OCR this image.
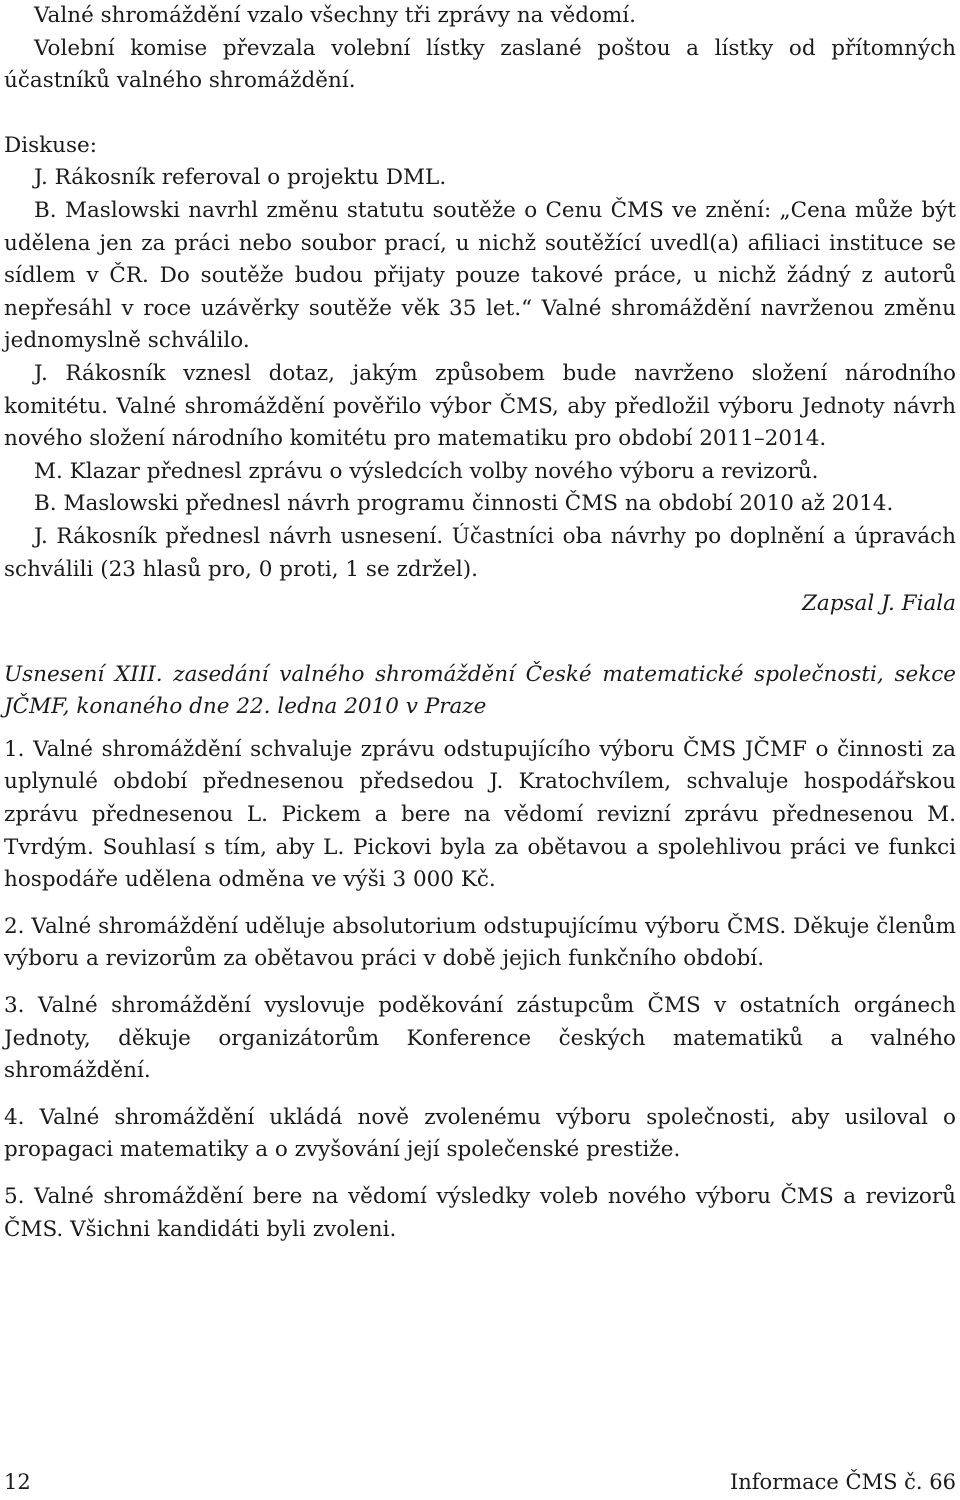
Valné shromáždění vzalo všechny tři zprávy na vědomí.

Volební komise převzala volební lístky zaslané poštou a lístky od přítomných účastníků valného shromáždění.

Diskuse:

J. Rákosník referoval o projektu DML.

B. Maslowski navrhl změnu statutu soutěže o Cenu ČMS ve znění: „Cena může být udělena jen za práci nebo soubor prací, u nichž soutěžící uvedl(a) afiliaci instituce se sídlem v ČR. Do soutěže budou přijaty pouze takové práce, u nichž žádný z autorů nepřesáhl v roce uzávěrky soutěže věk 35 let.“ Valné shromáždění navrženou změnu jednomyslně schválilo.

J. Rákosník vznesl dotaz, jakým způsobem bude navrženo složení národního komitétu. Valné shromáždění pověřilo výbor ČMS, aby předložil výboru Jednoty návrh nového složení národního komitétu pro matematiku pro období 2011–2014.

M. Klazar přednesl zprávu o výsledcích volby nového výboru a revizorů.

B. Maslowski přednesl návrh programu činnosti ČMS na období 2010 až 2014.

J. Rákosník přednesl návrh usnesení. Účastníci oba návrhy po doplnění a úpravách schválili (23 hlasů pro, 0 proti, 1 se zdržel).

Zapsal J. Fiala

Usnesení XIII. zasedání valného shromáždění České matematické společnosti, sekce JČMF, konaného dne 22. ledna 2010 v Praze

1. Valné shromáždění schvaluje zprávu odstupujícího výboru ČMS JČMF o činnosti za uplynulé období přednesenou předsedou J. Kratochvílem, schvaluje hospodářskou zprávu přednesenou L. Pickem a bere na vědomí revizní zprávu přednesenou M. Tvrdým. Souhlasí s tím, aby L. Pickovi byla za obětavou a spolehlivou práci ve funkci hospodáře udělena odměna ve výši 3 000 Kč.

2. Valné shromáždění uděluje absolutorium odstupujícímu výboru ČMS. Děkuje členům výboru a revizorům za obětavou práci v době jejich funkčního období.

3. Valné shromáždění vyslovuje poděkování zástupcům ČMS v ostatních orgánech Jednoty, děkuje organizátorům Konference českých matematiků a valného shromáždění.

4. Valné shromáždění ukládá nově zvolenému výboru společnosti, aby usiloval o propagaci matematiky a o zvyšování její společenské prestiže.

5. Valné shromáždění bere na vědomí výsledky voleb nového výboru ČMS a revizorů ČMS. Všichni kandidáti byli zvoleni.

12	Informace ČMS č. 66
